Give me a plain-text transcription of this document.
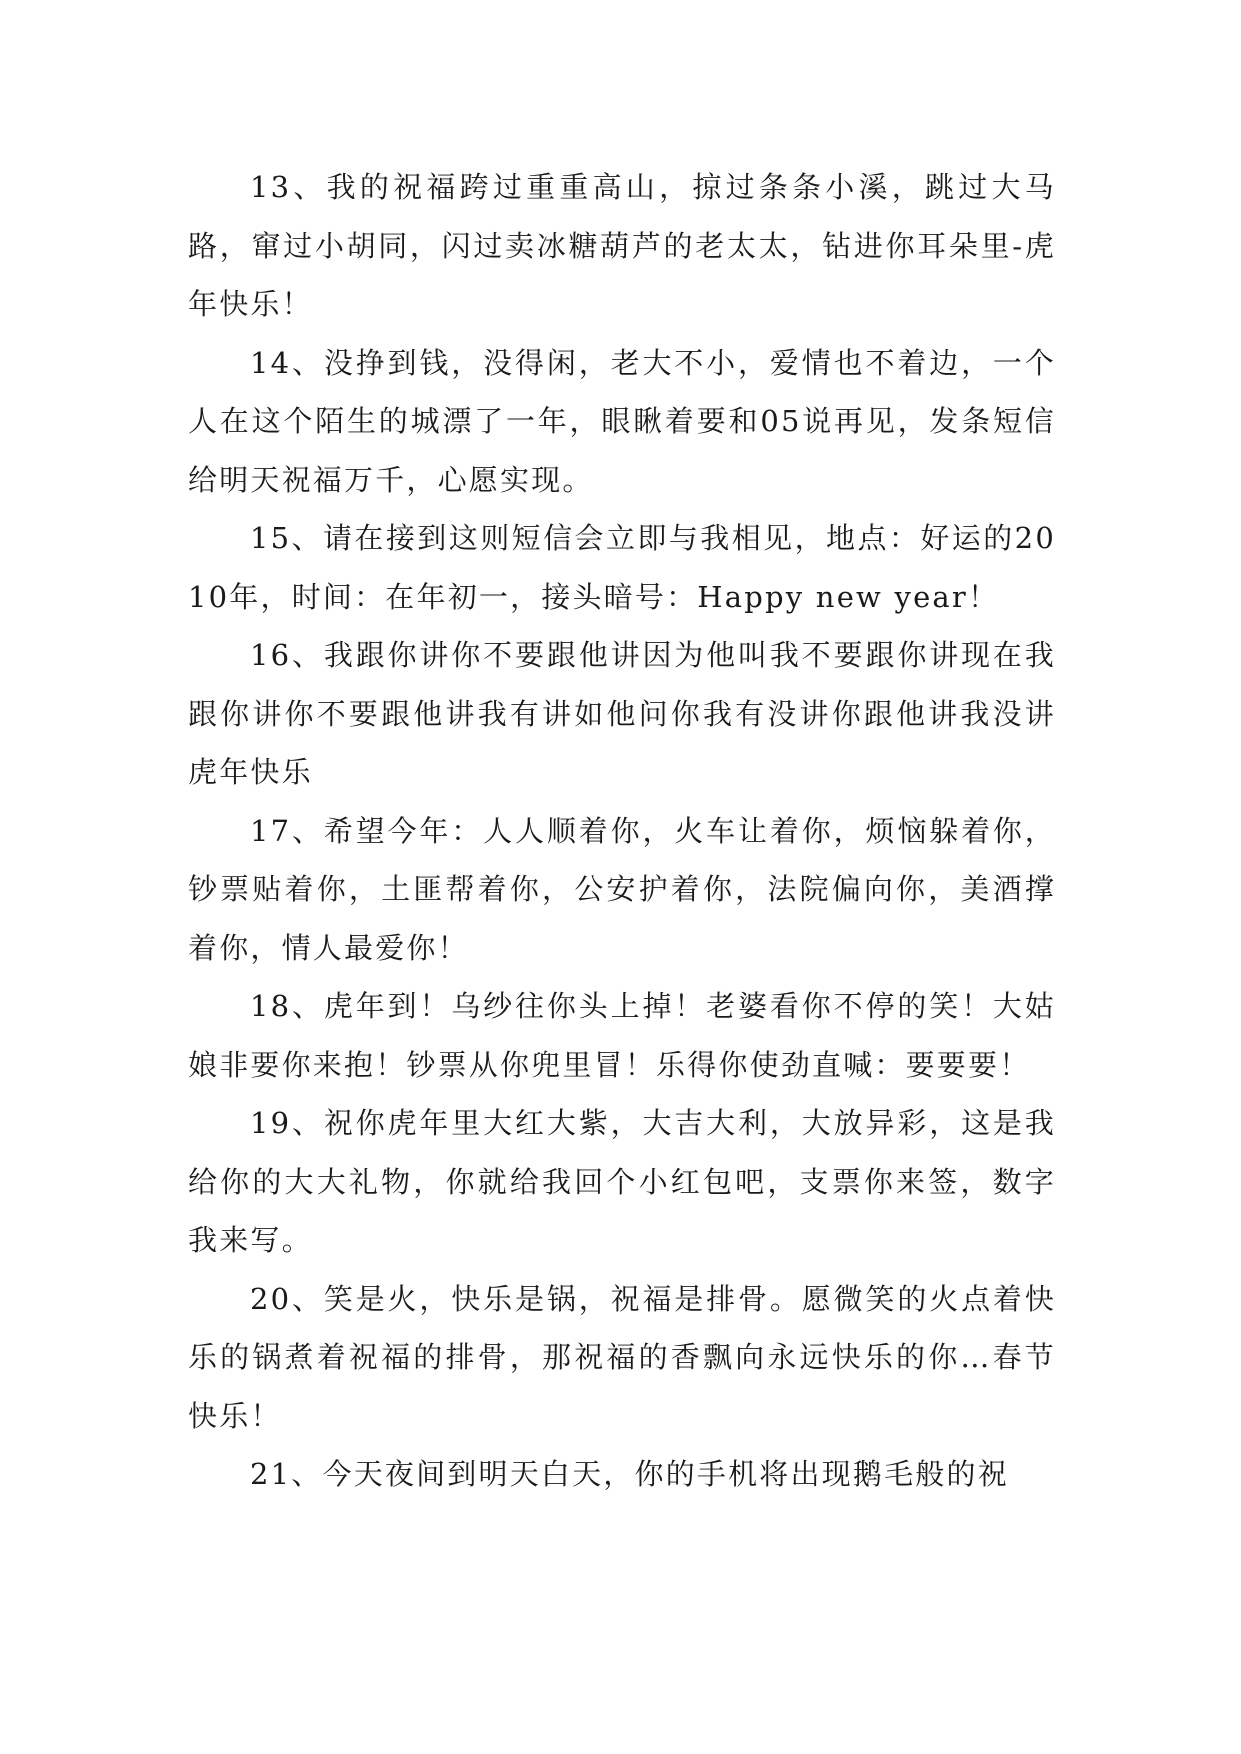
13、我的祝福跨过重重高山，掠过条条小溪，跳过大马路，窜过小胡同，闪过卖冰糖葫芦的老太太，钻进你耳朵里-虎年快乐！

14、没挣到钱，没得闲，老大不小，爱情也不着边，一个人在这个陌生的城漂了一年，眼瞅着要和05说再见，发条短信给明天祝福万千，心愿实现。

15、请在接到这则短信会立即与我相见，地点：好运的2010年，时间：在年初一，接头暗号：Happy new year！

16、我跟你讲你不要跟他讲因为他叫我不要跟你讲现在我跟你讲你不要跟他讲我有讲如他问你我有没讲你跟他讲我没讲虎年快乐

17、希望今年：人人顺着你，火车让着你，烦恼躲着你，钞票贴着你，土匪帮着你，公安护着你，法院偏向你，美酒撑着你，情人最爱你！

18、虎年到！乌纱往你头上掉！老婆看你不停的笑！大姑娘非要你来抱！钞票从你兜里冒！乐得你使劲直喊：要要要！

19、祝你虎年里大红大紫，大吉大利，大放异彩，这是我给你的大大礼物，你就给我回个小红包吧，支票你来签，数字我来写。

20、笑是火，快乐是锅，祝福是排骨。愿微笑的火点着快乐的锅煮着祝福的排骨，那祝福的香飘向永远快乐的你…春节快乐！

21、今天夜间到明天白天，你的手机将出现鹅毛般的祝
